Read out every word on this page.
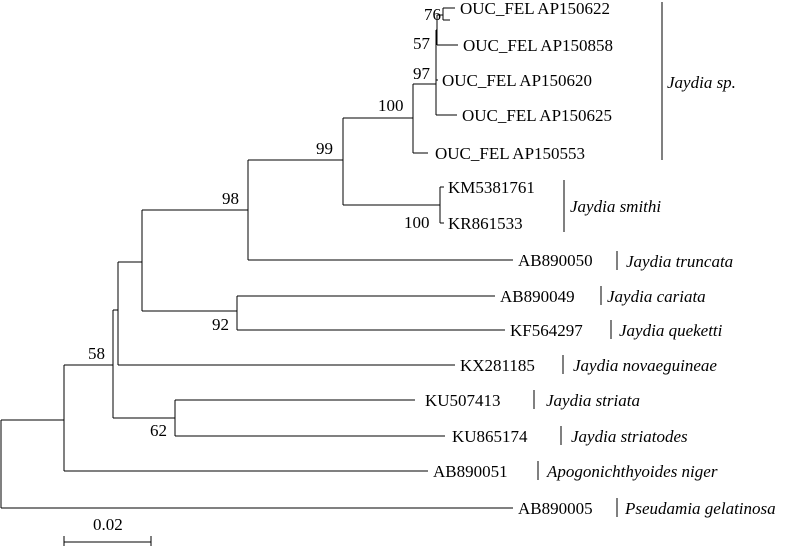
0.02
OUC_FEL AP150622
OUC_FEL AP150858
OUC_FEL AP150620
OUC_FEL AP150625
OUC_FEL AP150553
KM5381761
KR861533
AB890050
AB890049
KF564297
KX281185
KU507413
KU865174
AB890051
AB890005
Jaydia sp.
Jaydia smithi
Jaydia truncata
Jaydia cariata
Jaydia queketti
Jaydia novaeguineae
Jaydia striata
Jaydia striatodes
Apogonichthyoides niger
Pseudamia gelatinosa
76
57
97
100
99
100
98
92
58
62
